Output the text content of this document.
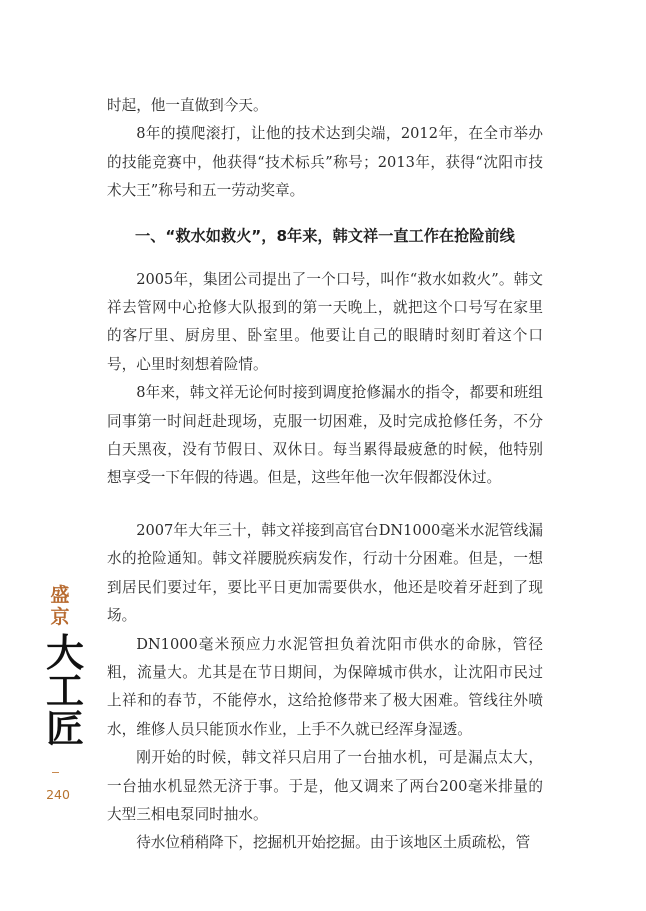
时起，他一直做到今天。

8年的摸爬滚打，让他的技术达到尖端，2012年，在全市举办的技能竞赛中，他获得“技术标兵”称号；2013年，获得“沈阳市技术大王”称号和五一劳动奖章。

一、“救水如救火”，8年来，韩文祥一直工作在抢险前线

2005年，集团公司提出了一个口号，叫作“救水如救火”。韩文祥去管网中心抢修大队报到的第一天晚上，就把这个口号写在家里的客厅里、厨房里、卧室里。他要让自己的眼睛时刻盯着这个口号，心里时刻想着险情。

8年来，韩文祥无论何时接到调度抢修漏水的指令，都要和班组同事第一时间赶赴现场，克服一切困难，及时完成抢修任务，不分白天黑夜，没有节假日、双休日。每当累得最疲惫的时候，他特别想享受一下年假的待遇。但是，这些年他一次年假都没休过。

2007年大年三十，韩文祥接到高官台DN1000毫米水泥管线漏水的抢险通知。韩文祥腰脱疾病发作，行动十分困难。但是，一想到居民们要过年，要比平日更加需要供水，他还是咬着牙赶到了现场。

DN1000毫米预应力水泥管担负着沈阳市供水的命脉，管径粗，流量大。尤其是在节日期间，为保障城市供水，让沈阳市民过上祥和的春节，不能停水，这给抢修带来了极大困难。管线往外喷水，维修人员只能顶水作业，上手不久就已经浑身湿透。

刚开始的时候，韩文祥只启用了一台抽水机，可是漏点太大，一台抽水机显然无济于事。于是，他又调来了两台200毫米排量的大型三相电泵同时抽水。

待水位稍稍降下，挖掘机开始挖掘。由于该地区土质疏松，管

盛
京
大
工
匠
240
